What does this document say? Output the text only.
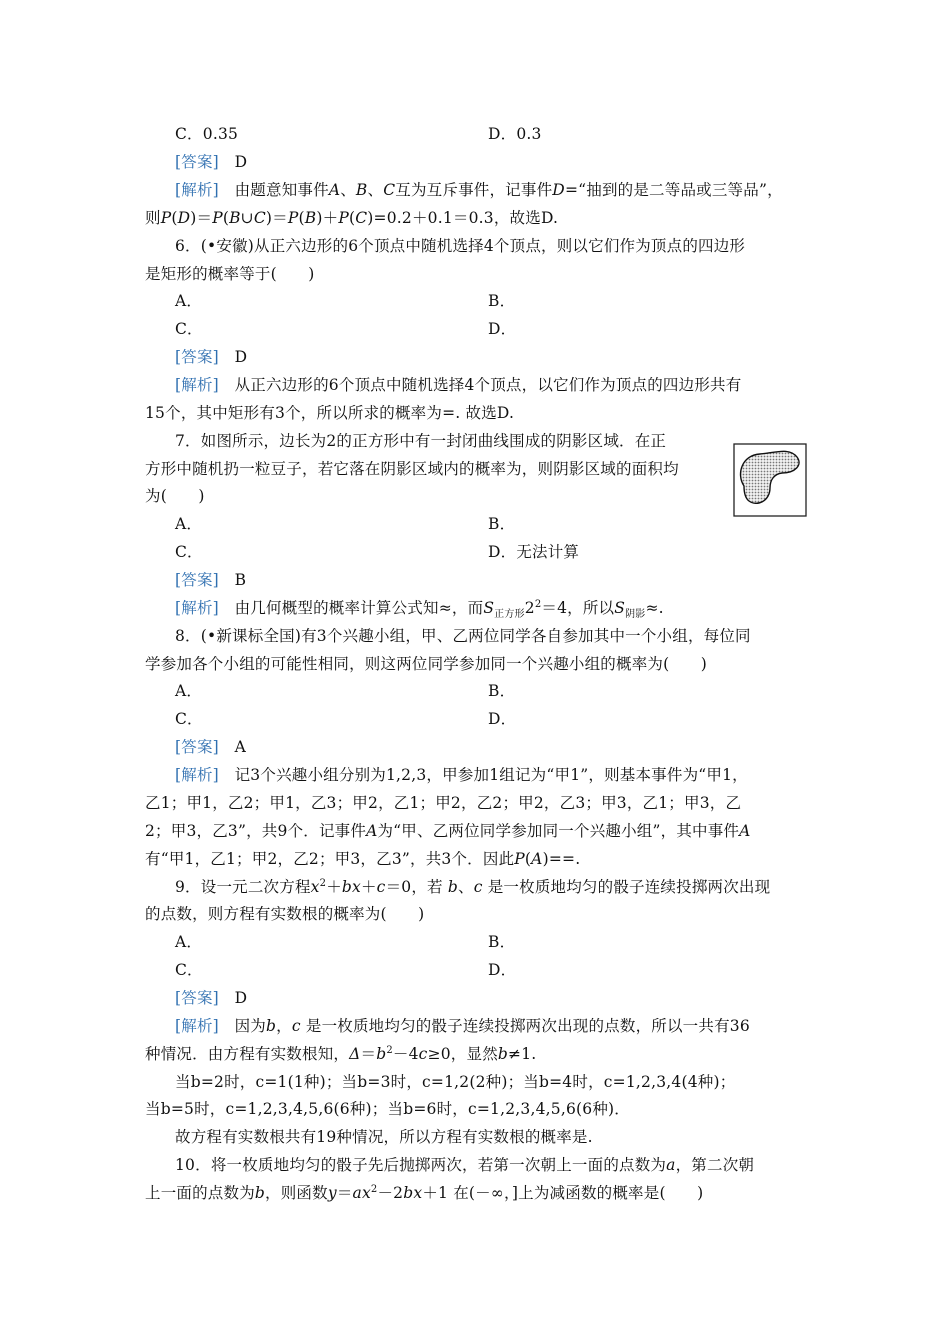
C．0.35	D．0.3
[答案]　 D
[解析]　 由题意知事件A、B、C互为互斥事件，记事件D=“抽到的是二等品或三等品”，
则P(D)＝P(B∪C)＝P(B)＋P(C)=0.2＋0.1＝0.3，故选D.
6．(•安徽)从正六边形的6个顶点中随机选择4个顶点，则以它们作为顶点的四边形
是矩形的概率等于(　　)
A．	B．
C．	D．
[答案]　 D
[解析]　 从正六边形的6个顶点中随机选择4个顶点，以它们作为顶点的四边形共有
15个，其中矩形有3个，所以所求的概率为=. 故选D.
7．如图所示，边长为2的正方形中有一封闭曲线围成的阴影区域．在正
方形中随机扔一粒豆子，若它落在阴影区域内的概率为，则阴影区域的面积均
为(　　)
A．	B．
C．	D．无法计算
[答案]　 B
[解析]　 由几何概型的概率计算公式知≈，而$S_{正方形}2^2=4$，所以$S_{阴影}\approx$.
8．(•新课标全国)有3个兴趣小组，甲、乙两位同学各自参加其中一个小组，每位同
学参加各个小组的可能性相同，则这两位同学参加同一个兴趣小组的概率为(　　)
A．	B．
C．	D．
[答案]　 A
[解析]　 记3个兴趣小组分别为1,2,3，甲参加1组记为“甲1”，则基本事件为“甲1，
乙1；甲1，乙2；甲1，乙3；甲2，乙1；甲2，乙2；甲2，乙3；甲3，乙1；甲3，乙
2；甲3，乙3”，共9个．记事件A为“甲、乙两位同学参加同一个兴趣小组”，其中事件A
有“甲1，乙1；甲2，乙2；甲3，乙3”，共3个．因此P(A)==.
9．设一元二次方程$x^2+bx+c=0$，若 b、c 是一枚质地均匀的骰子连续投掷两次出现
的点数，则方程有实数根的概率为(　　)
A．	B．
C．	D．
[答案]　 D
[解析]　 因为b，c 是一枚质地均匀的骰子连续投掷两次出现的点数，所以一共有36
种情况．由方程有实数根知，$\Delta=b^2-4c\ge 0$，显然b≠1.
当b=2时，c=1(1种)；当b=3时，c=1,2(2种)；当b=4时，c=1,2,3,4(4种)；
当b=5时，c=1,2,3,4,5,6(6种)；当b=6时，c=1,2,3,4,5,6(6种)．
故方程有实数根共有19种情况，所以方程有实数根的概率是.
10．将一枚质地均匀的骰子先后抛掷两次，若第一次朝上一面的点数为a，第二次朝
上一面的点数为b，则函数$y=ax^2-2bx+1$ 在(－∞，]上为减函数的概率是(　　)
